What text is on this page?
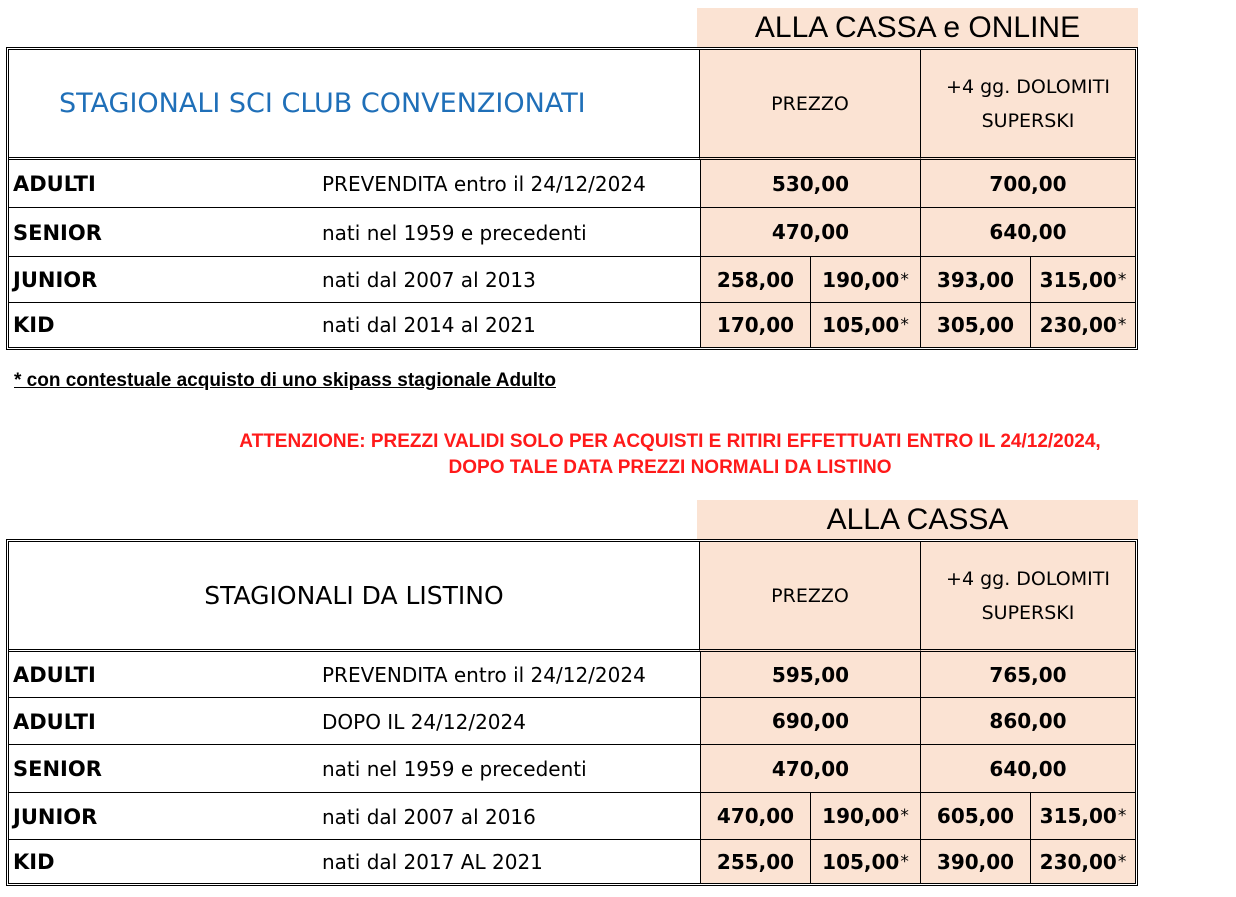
ALLA CASSA e ONLINE
STAGIONALI SCI CLUB CONVENZIONATI	PREZZO
+4 gg. DOLOMITI
SUPERSKI
ADULTI	PREVENDITA entro il 24/12/2024	530,00	700,00
SENIOR	nati nel 1959 e precedenti	470,00	640,00
JUNIOR	nati dal 2007 al 2013	258,00	190,00 *	393,00	315,00 *
KID	nati dal 2014 al 2021	170,00	105,00 *	305,00	230,00 *
* con contestuale acquisto di uno skipass stagionale Adulto
ATTENZIONE: PREZZI VALIDI SOLO PER ACQUISTI E RITIRI EFFETTUATI ENTRO IL 24/12/2024,
DOPO TALE DATA PREZZI NORMALI DA LISTINO
ALLA CASSA
STAGIONALI DA LISTINO	PREZZO
+4 gg. DOLOMITI
SUPERSKI
ADULTI	PREVENDITA entro il 24/12/2024	595,00	765,00
ADULTI	DOPO IL 24/12/2024	690,00	860,00
SENIOR	nati nel 1959 e precedenti	470,00	640,00
JUNIOR	nati dal 2007 al 2016	470,00	190,00 *	605,00	315,00 *
KID	nati dal 2017 AL 2021	255,00	105,00 *	390,00	230,00 *
